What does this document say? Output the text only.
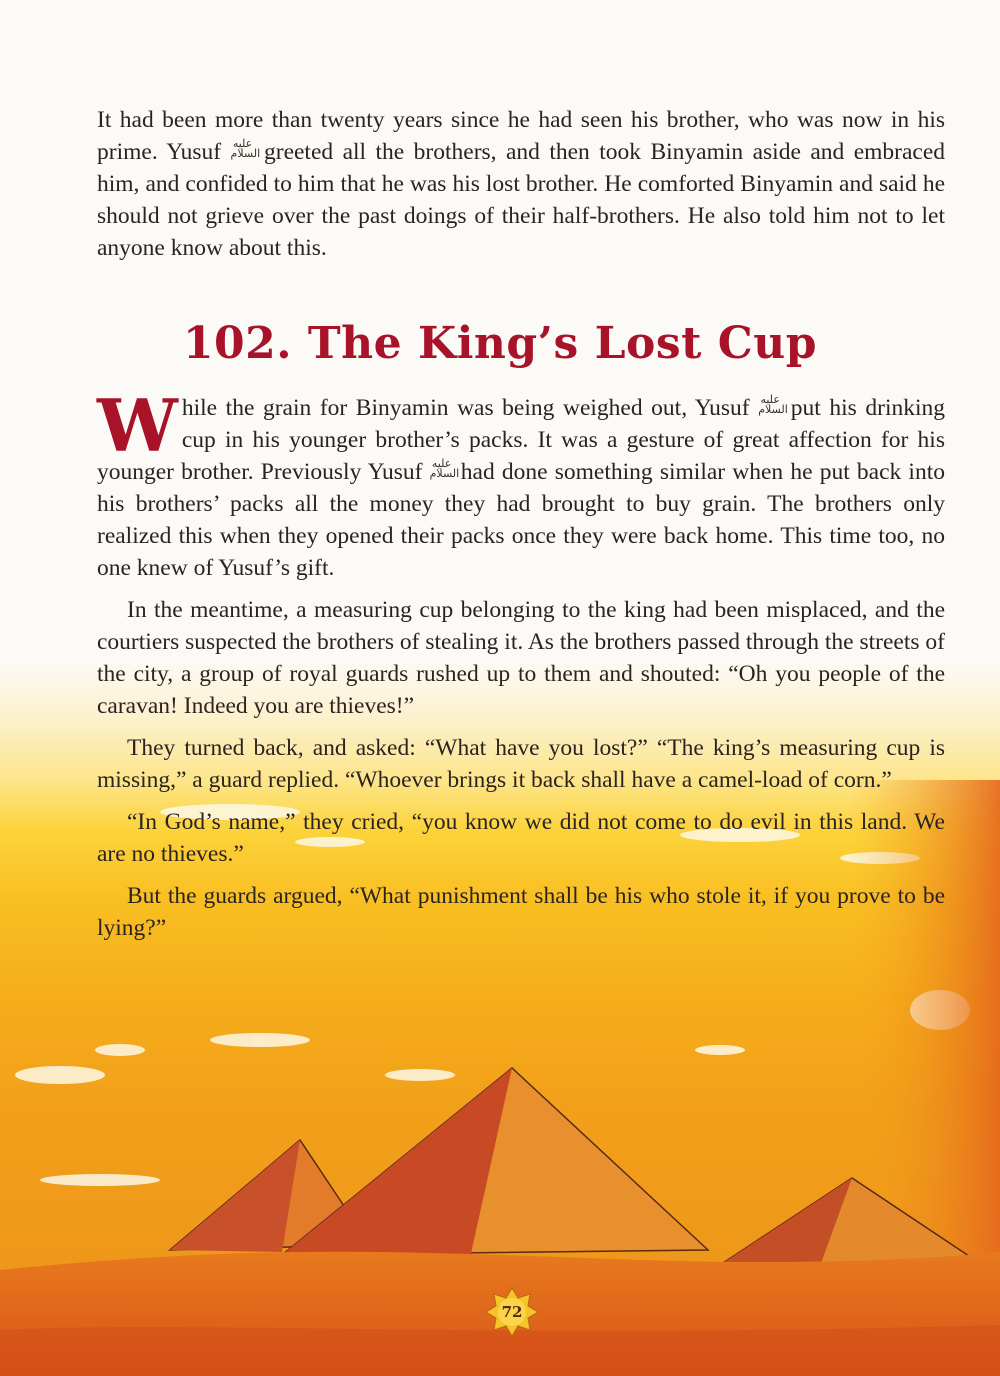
It had been more than twenty years since he had seen his brother, who was now in his prime. Yusuf عليه السلام greeted all the brothers, and then took Binyamin aside and embraced him, and confided to him that he was his lost brother. He comforted Binyamin and said he should not grieve over the past doings of their half-brothers. He also told him not to let anyone know about this.

102. The King’s Lost Cup

While the grain for Binyamin was being weighed out, Yusuf عليه السلام put his drinking cup in his younger brother’s packs. It was a gesture of great affection for his younger brother. Previously Yusuf عليه السلام had done something similar when he put back into his brothers’ packs all the money they had brought to buy grain. The brothers only realized this when they opened their packs once they were back home. This time too, no one knew of Yusuf’s gift.

In the meantime, a measuring cup belonging to the king had been misplaced, and the courtiers suspected the brothers of stealing it. As the brothers passed through the streets of the city, a group of royal guards rushed up to them and shouted: “Oh you people of the caravan! Indeed you are thieves!”

They turned back, and asked: “What have you lost?” “The king’s measuring cup is missing,” a guard replied. “Whoever brings it back shall have a camel-load of corn.”

“In God’s name,” they cried, “you know we did not come to do evil in this land. We are no thieves.”

But the guards argued, “What punishment shall be his who stole it, if you prove to be lying?”

72
